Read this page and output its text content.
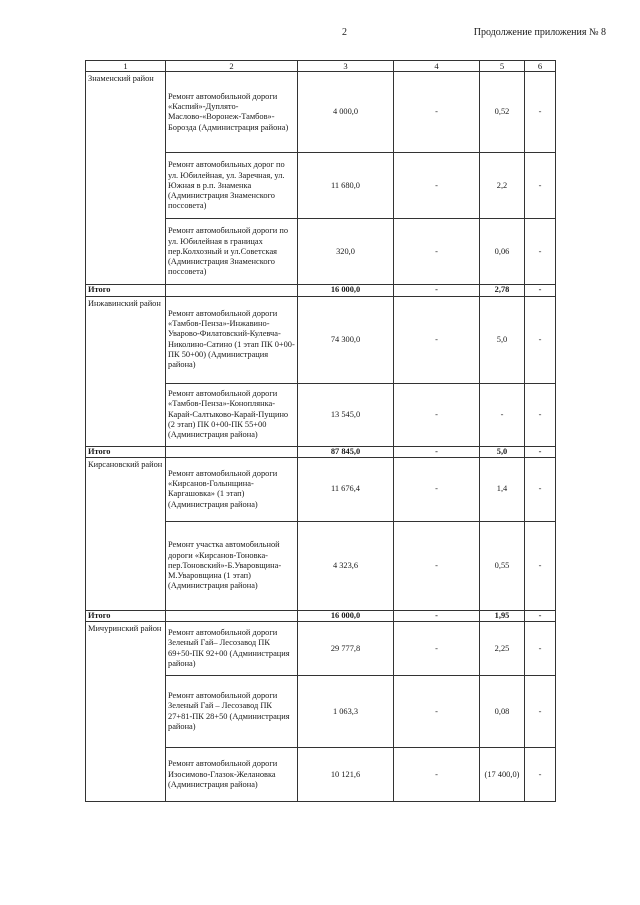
2	Продолжение приложения № 8
1	2	3	4	5	6
Знаменский район	Ремонт автомобильной дороги «Каспий»-Дуплято-Маслово-«Воронеж-Тамбов»-Борозда (Администрация района)	4 000,0	-	0,52	-
	Ремонт автомобильных дорог по ул. Юбилейная, ул. Заречная, ул. Южная в р.п. Знаменка (Администрация Знаменского поссовета)	11 680,0	-	2,2	-
	Ремонт автомобильной дороги по ул. Юбилейная в границах пер.Колхозный и ул.Советская (Администрация Знаменского поссовета)	320,0	-	0,06	-
Итого		16 000,0	-	2,78	-
Инжавинский район	Ремонт автомобильной дороги «Тамбов-Пенза»-Инжавино-Уварово-Филатовский-Кулевча-Николино-Сатино (1 этап ПК 0+00-ПК 50+00) (Администрация района)	74 300,0	-	5,0	-
	Ремонт автомобильной дороги «Тамбов-Пенза»-Коноплянка-Карай-Салтыково-Карай-Пущино (2 этап) ПК 0+00-ПК 55+00 (Администрация района)	13 545,0	-	-	-
Итого		87 845,0	-	5,0	-
Кирсановский район	Ремонт автомобильной дороги «Кирсанов-Голынщина-Каргашовка» (1 этап) (Администрация района)	11 676,4	-	1,4	-
	Ремонт участка автомобильной дороги «Кирсанов-Тоновка-пер.Тоновский»-Б.Уваровщина-М.Уваровщина (1 этап) (Администрация района)	4 323,6	-	0,55	-
Итого		16 000,0	-	1,95	-
Мичуринский район	Ремонт автомобильной дороги Зеленый Гай– Лесозавод ПК 69+50-ПК 92+00 (Администрация района)	29 777,8	-	2,25	-
	Ремонт автомобильной дороги Зеленый Гай – Лесозавод ПК 27+81-ПК 28+50 (Администрация района)	1 063,3	-	0,08	-
	Ремонт автомобильной дороги Изосимово-Глазок-Желановка (Администрация района)	10 121,6	-	(17 400,0)	-
